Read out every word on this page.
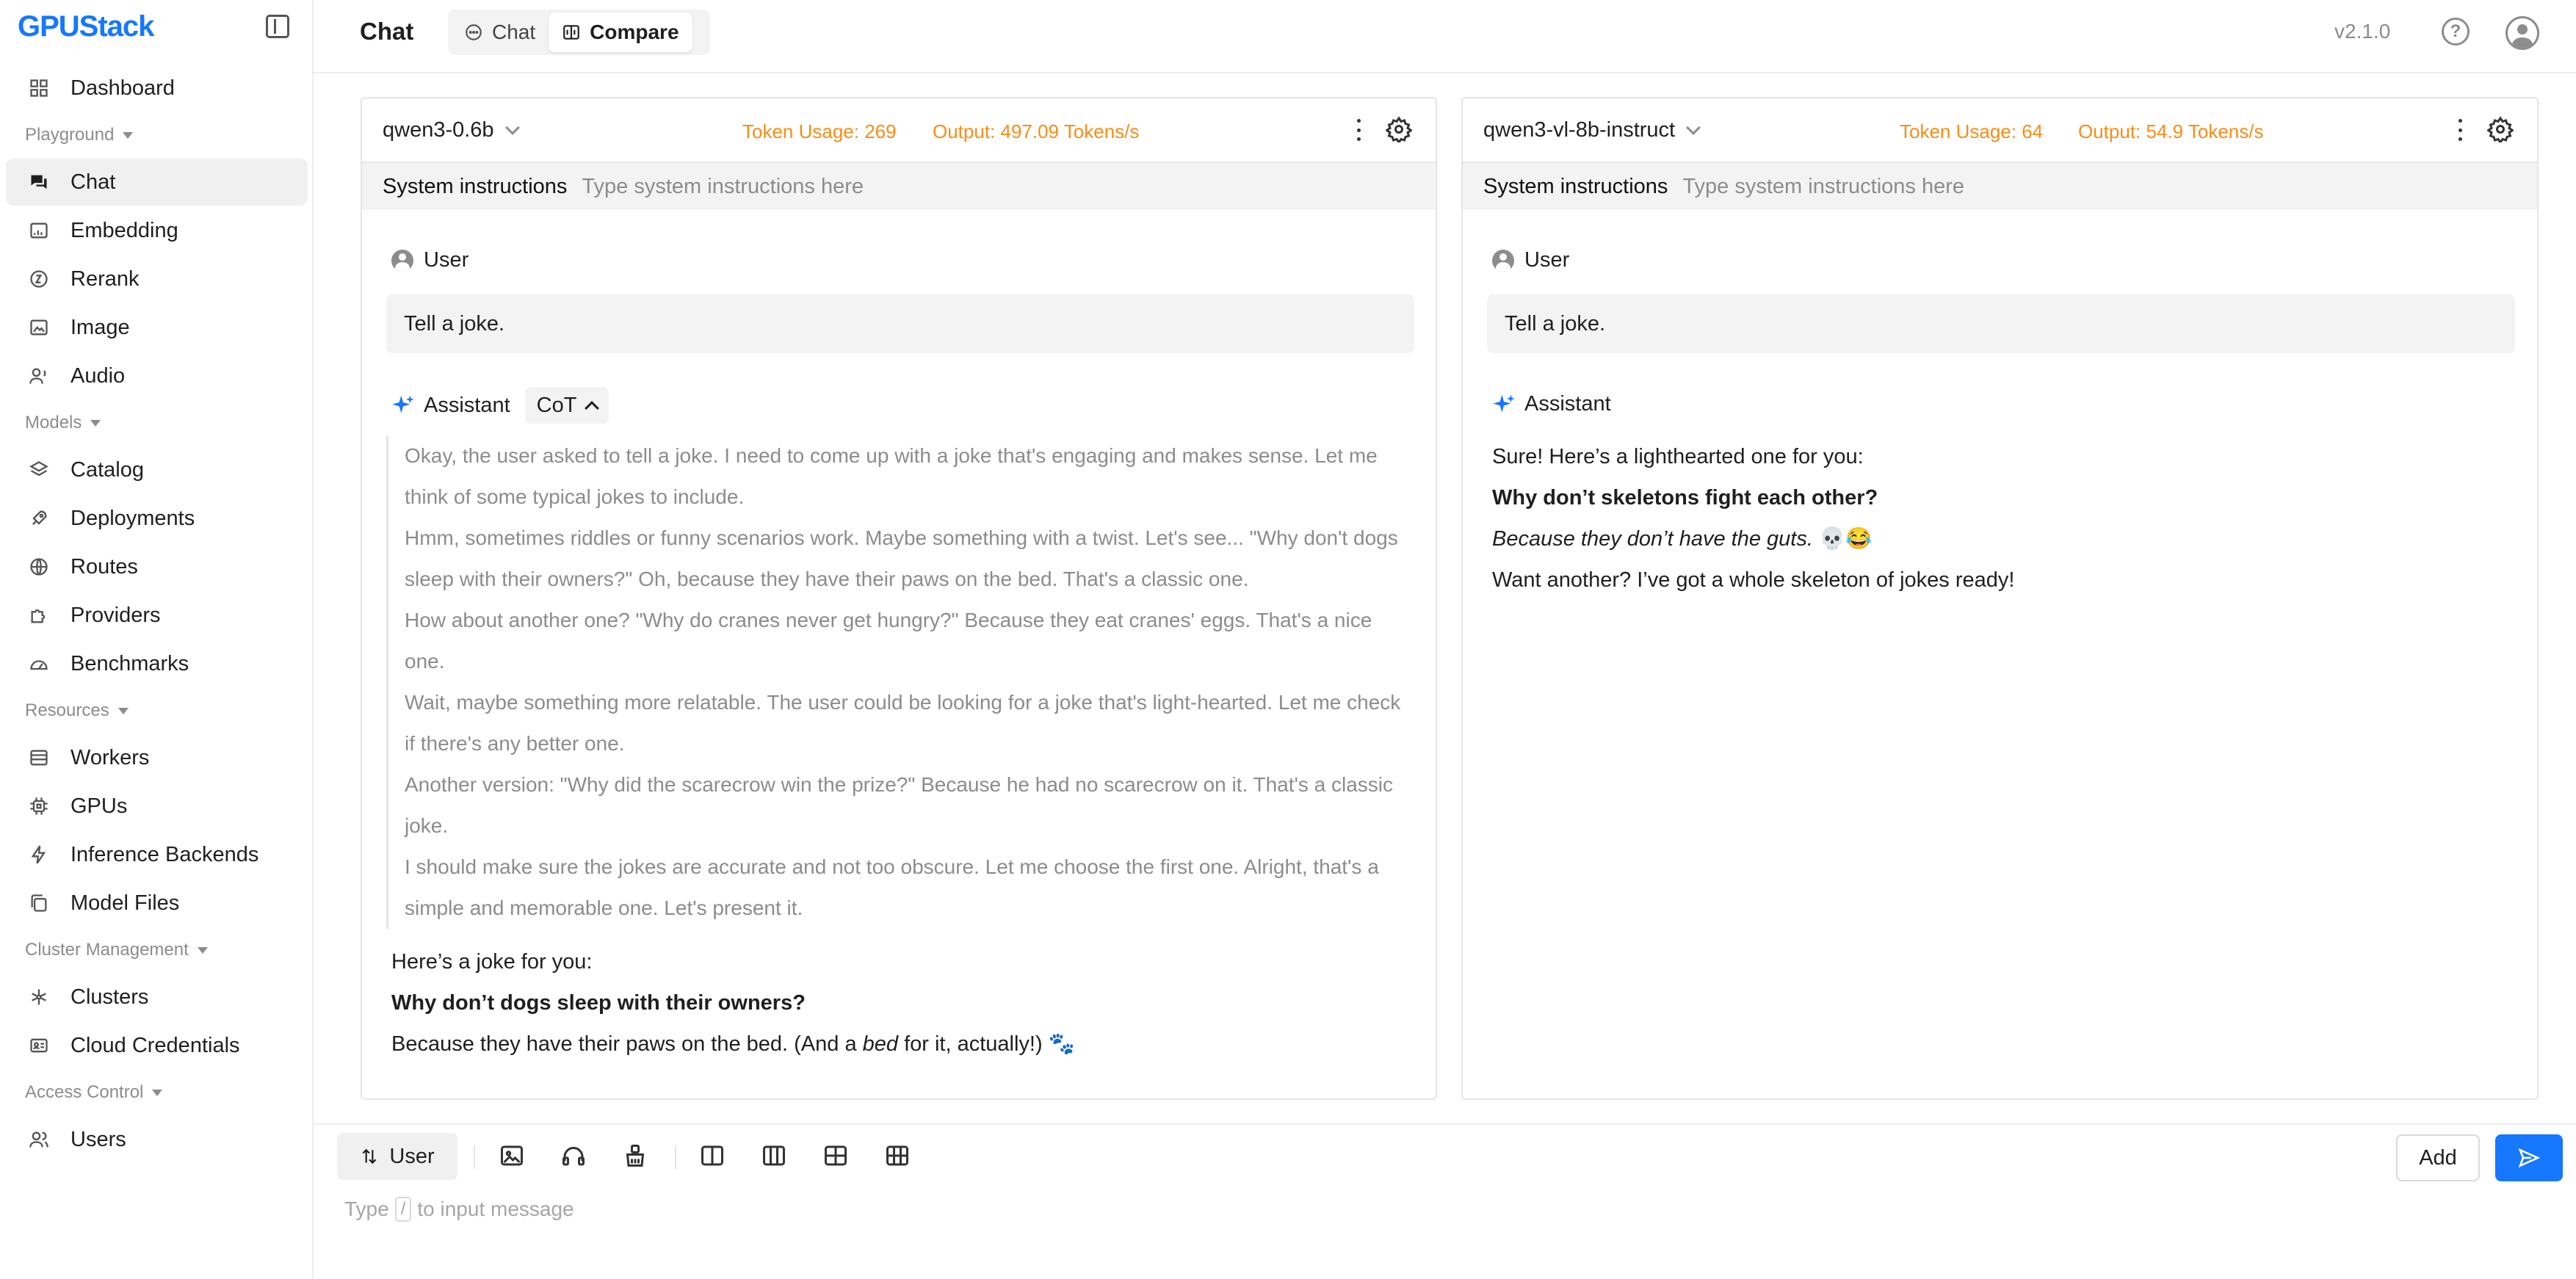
GPUStack
Dashboard
Playground
Chat
Embedding
Rerank
Image
Audio
Models
Catalog
Deployments
Routes
Providers
Benchmarks
Resources
Workers
GPUs
Inference Backends
Model Files
Cluster Management
Clusters
Cloud Credentials
Access Control
Users
Chat	Chat	Compare	v2.1.0	?
qwen3-0.6b	Token Usage: 269 Output: 497.09 Tokens/s
System instructions Type system instructions here
User
Tell a joke.
Assistant CoT

Okay, the user asked to tell a joke. I need to come up with a joke that's engaging and makes sense. Let me think of some typical jokes to include.

Hmm, sometimes riddles or funny scenarios work. Maybe something with a twist. Let's see... "Why don't dogs sleep with their owners?" Oh, because they have their paws on the bed. That's a classic one.

How about another one? "Why do cranes never get hungry?" Because they eat cranes' eggs. That's a nice one.

Wait, maybe something more relatable. The user could be looking for a joke that's light-hearted. Let me check if there's any better one.

Another version: "Why did the scarecrow win the prize?" Because he had no scarecrow on it. That's a classic joke.

I should make sure the jokes are accurate and not too obscure. Let me choose the first one. Alright, that's a simple and memorable one. Let's present it.

Here’s a joke for you:

Why don’t dogs sleep with their owners?

Because they have their paws on the bed. (And a bed for it, actually!) 🐾

qwen3-vl-8b-instruct	Token Usage: 64 Output: 54.9 Tokens/s
System instructions Type system instructions here
User
Tell a joke.
Assistant

Sure! Here’s a lighthearted one for you:

Why don’t skeletons fight each other?

Because they don’t have the guts. 💀😂

Want another? I’ve got a whole skeleton of jokes ready!

User	Add
Type / to input message
